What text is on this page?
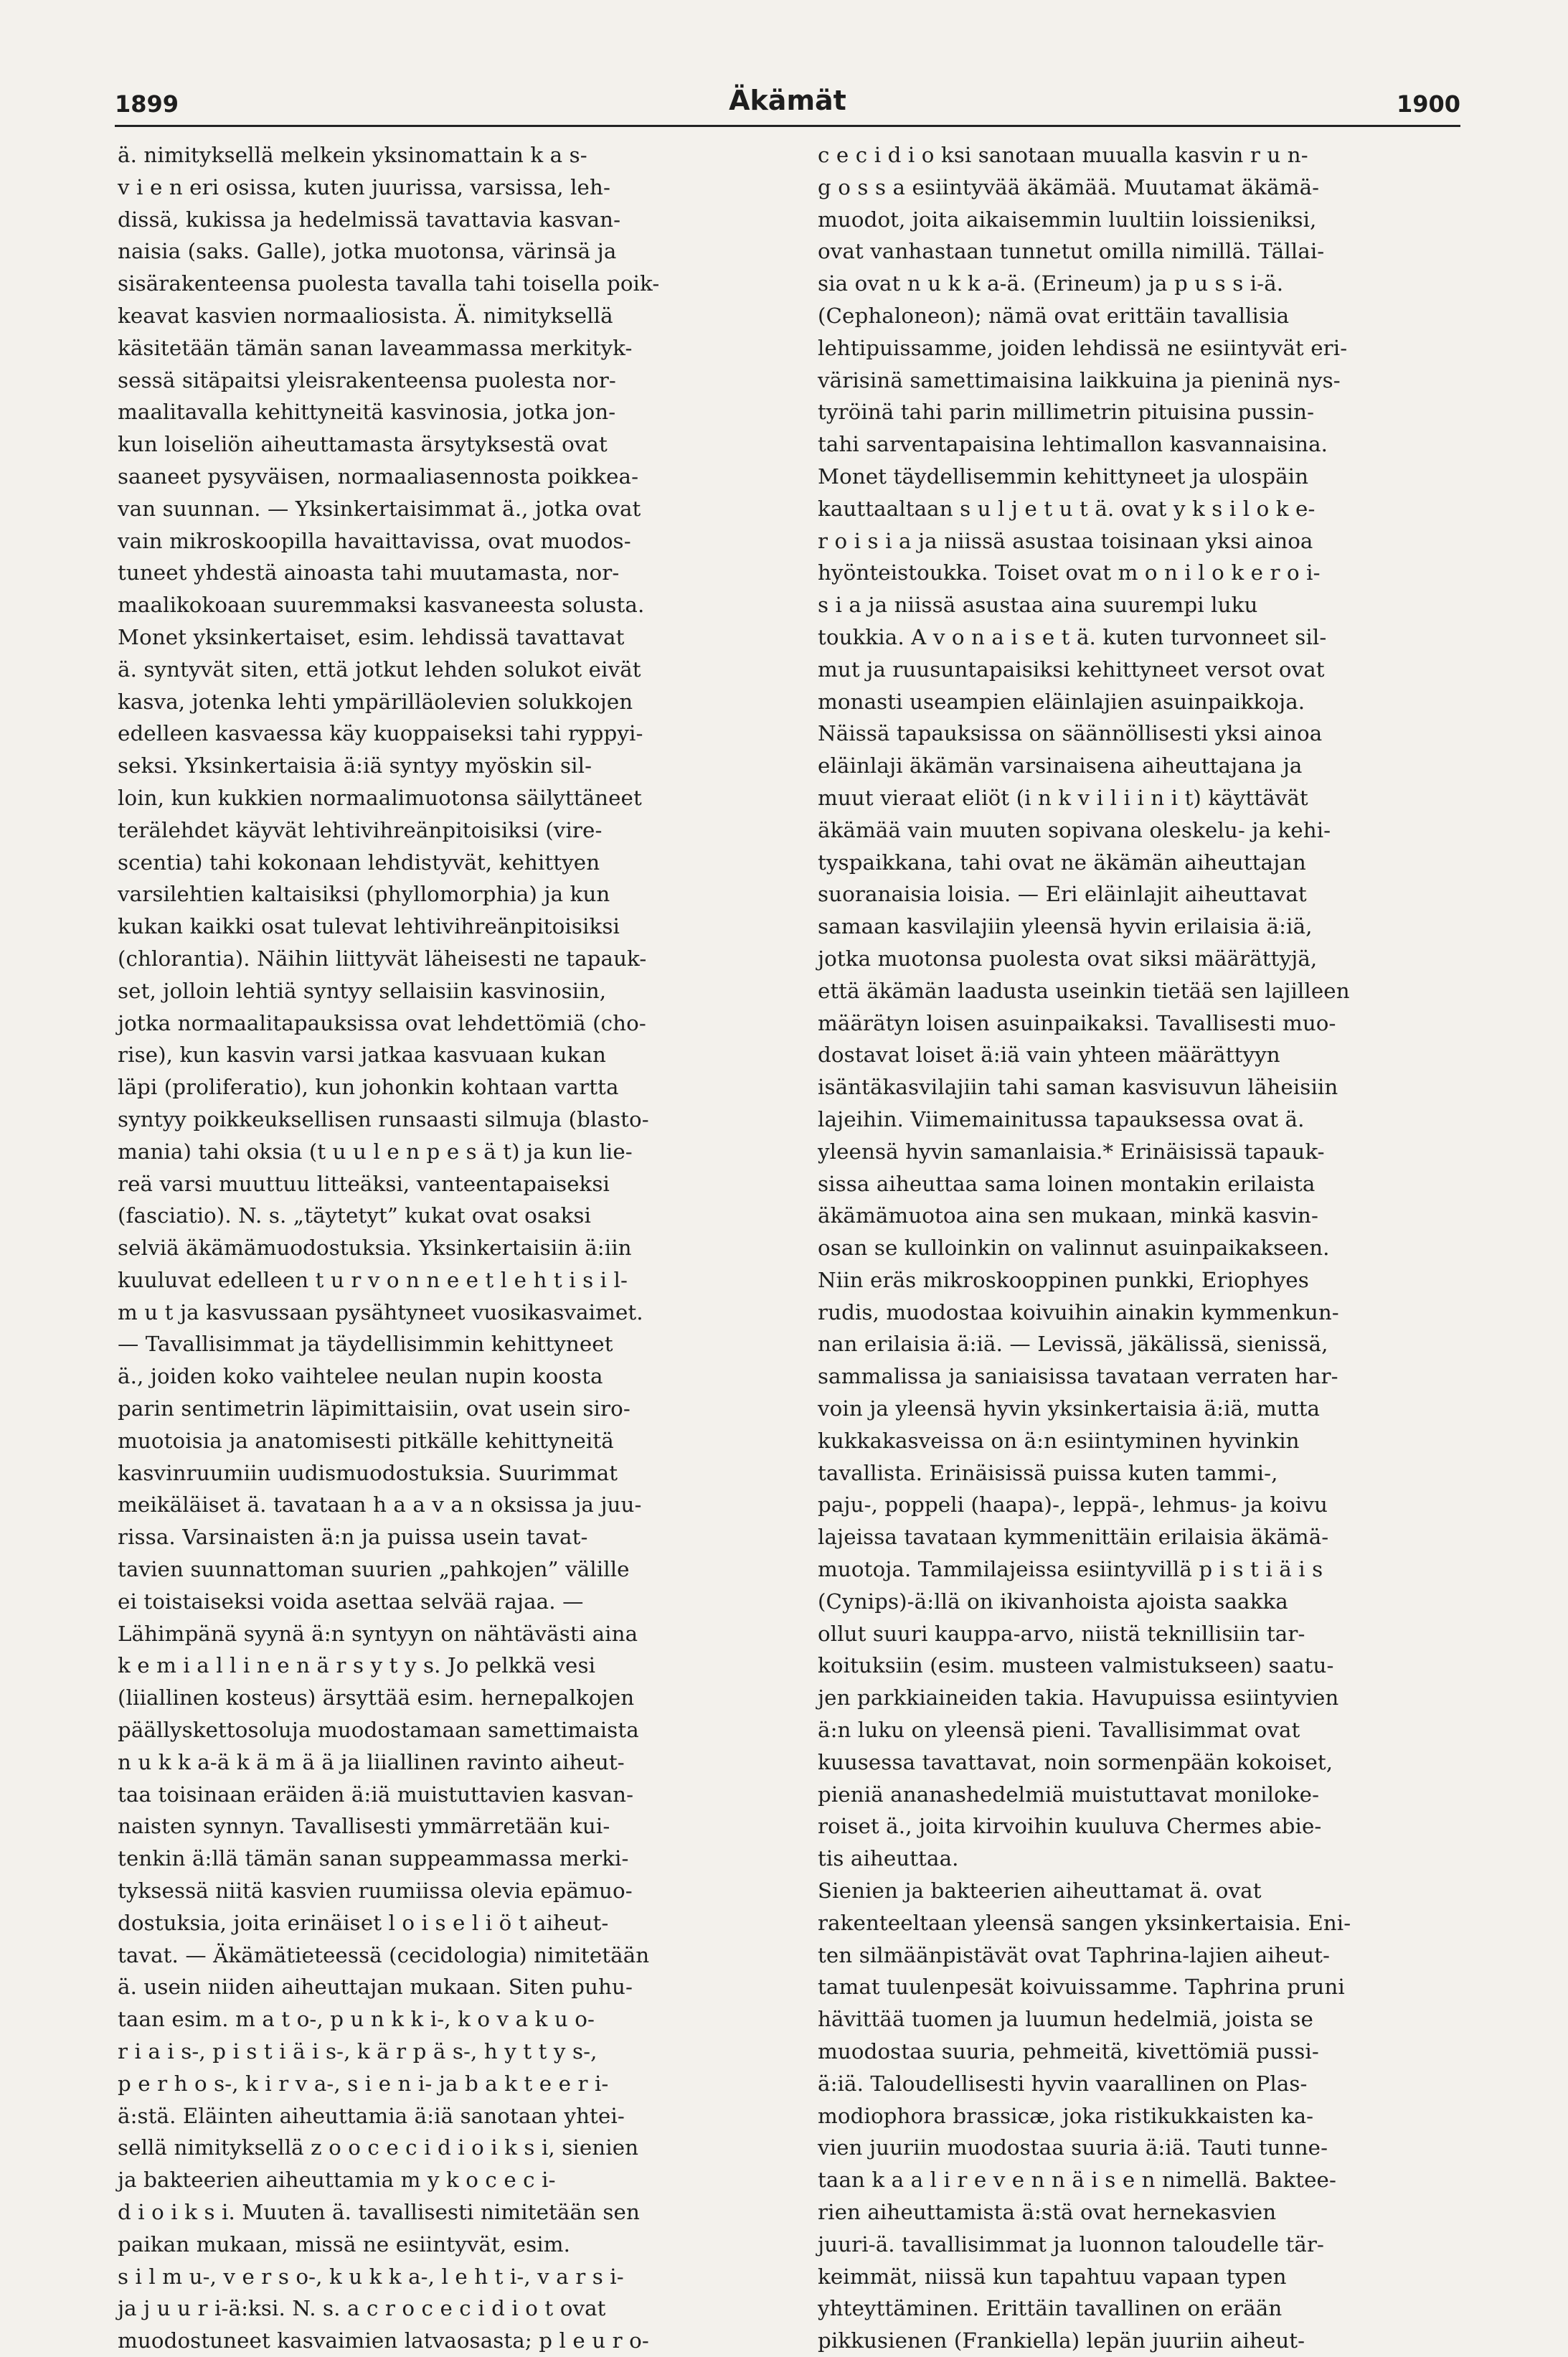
1899	Äkämät	1900
ä. nimityksellä melkein yksinomattain k a s-
v i e n eri osissa, kuten juurissa, varsissa, leh-
dissä, kukissa ja hedelmissä tavattavia kasvan-
naisia (saks. Galle), jotka muotonsa, värinsä ja
sisärakenteensa puolesta tavalla tahi toisella poik-
keavat kasvien normaaliosista. Ä. nimityksellä
käsitetään tämän sanan laveammassa merkityk-
sessä sitäpaitsi yleisrakenteensa puolesta nor-
maalitavalla kehittyneitä kasvinosia, jotka jon-
kun loiseliön aiheuttamasta ärsytyksestä ovat
saaneet pysyväisen, normaaliasennosta poikkea-
van suunnan. — Yksinkertaisimmat ä., jotka ovat
vain mikroskoopilla havaittavissa, ovat muodos-
tuneet yhdestä ainoasta tahi muutamasta, nor-
maalikokoaan suuremmaksi kasvaneesta solusta.
Monet yksinkertaiset, esim. lehdissä tavattavat
ä. syntyvät siten, että jotkut lehden solukot eivät
kasva, jotenka lehti ympärilläolevien solukkojen
edelleen kasvaessa käy kuoppaiseksi tahi ryppyi-
seksi. Yksinkertaisia ä:iä syntyy myöskin sil-
loin, kun kukkien normaalimuotonsa säilyttäneet
terälehdet käyvät lehtivihreänpitoisiksi (vire-
scentia) tahi kokonaan lehdistyvät, kehittyen
varsilehtien kaltaisiksi (phyllomorphia) ja kun
kukan kaikki osat tulevat lehtivihreänpitoisiksi
(chlorantia). Näihin liittyvät läheisesti ne tapauk-
set, jolloin lehtiä syntyy sellaisiin kasvinosiin,
jotka normaalitapauksissa ovat lehdettömiä (cho-
rise), kun kasvin varsi jatkaa kasvuaan kukan
läpi (proliferatio), kun johonkin kohtaan vartta
syntyy poikkeuksellisen runsaasti silmuja (blasto-
mania) tahi oksia (t u u l e n p e s ä t) ja kun lie-
reä varsi muuttuu litteäksi, vanteentapaiseksi
(fasciatio). N. s. „täytetyt” kukat ovat osaksi
selviä äkämämuodostuksia. Yksinkertaisiin ä:iin
kuuluvat edelleen t u r v o n n e e t l e h t i s i l-
m u t ja kasvussaan pysähtyneet vuosikasvaimet.
— Tavallisimmat ja täydellisimmin kehittyneet
ä., joiden koko vaihtelee neulan nupin koosta
parin sentimetrin läpimittaisiin, ovat usein siro-
muotoisia ja anatomisesti pitkälle kehittyneitä
kasvinruumiin uudismuodostuksia. Suurimmat
meikäläiset ä. tavataan h a a v a n oksissa ja juu-
rissa. Varsinaisten ä:n ja puissa usein tavat-
tavien suunnattoman suurien „pahkojen” välille
ei toistaiseksi voida asettaa selvää rajaa. —
Lähimpänä syynä ä:n syntyyn on nähtävästi aina
k e m i a l l i n e n ä r s y t y s. Jo pelkkä vesi
(liiallinen kosteus) ärsyttää esim. hernepalkojen
päällyskettosoluja muodostamaan samettimaista
n u k k a-ä k ä m ä ä ja liiallinen ravinto aiheut-
taa toisinaan eräiden ä:iä muistuttavien kasvan-
naisten synnyn. Tavallisesti ymmärretään kui-
tenkin ä:llä tämän sanan suppeammassa merki-
tyksessä niitä kasvien ruumiissa olevia epämuo-
dostuksia, joita erinäiset l o i s e l i ö t aiheut-
tavat. — Äkämätieteessä (cecidologia) nimitetään
ä. usein niiden aiheuttajan mukaan. Siten puhu-
taan esim. m a t o-, p u n k k i-, k o v a k u o-
r i a i s-, p i s t i ä i s-, k ä r p ä s-, h y t t y s-,
p e r h o s-, k i r v a-, s i e n i- ja b a k t e e r i-
ä:stä. Eläinten aiheuttamia ä:iä sanotaan yhtei-
sellä nimityksellä z o o c e c i d i o i k s i, sienien
ja bakteerien aiheuttamia m y k o c e c i-
d i o i k s i. Muuten ä. tavallisesti nimitetään sen
paikan mukaan, missä ne esiintyvät, esim.
s i l m u-, v e r s o-, k u k k a-, l e h t i-, v a r s i-
ja j u u r i-ä:ksi. N. s. a c r o c e c i d i o t ovat
muodostuneet kasvaimien latvaosasta; p l e u r o-
c e c i d i o ksi sanotaan muualla kasvin r u n-
g o s s a esiintyvää äkämää. Muutamat äkämä-
muodot, joita aikaisemmin luultiin loissieniksi,
ovat vanhastaan tunnetut omilla nimillä. Tällai-
sia ovat n u k k a-ä. (Erineum) ja p u s s i-ä.
(Cephaloneon); nämä ovat erittäin tavallisia
lehtipuissamme, joiden lehdissä ne esiintyvät eri-
värisinä samettimaisina laikkuina ja pieninä nys-
tyröinä tahi parin millimetrin pituisina pussin-
tahi sarventapaisina lehtimallon kasvannaisina.
Monet täydellisemmin kehittyneet ja ulospäin
kauttaaltaan s u l j e t u t ä. ovat y k s i l o k e-
r o i s i a ja niissä asustaa toisinaan yksi ainoa
hyönteistoukka. Toiset ovat m o n i l o k e r o i-
s i a ja niissä asustaa aina suurempi luku
toukkia. A v o n a i s e t ä. kuten turvonneet sil-
mut ja ruusuntapaisiksi kehittyneet versot ovat
monasti useampien eläinlajien asuinpaikkoja.
Näissä tapauksissa on säännöllisesti yksi ainoa
eläinlaji äkämän varsinaisena aiheuttajana ja
muut vieraat eliöt (i n k v i l i i n i t) käyttävät
äkämää vain muuten sopivana oleskelu- ja kehi-
tyspaikkana, tahi ovat ne äkämän aiheuttajan
suoranaisia loisia. — Eri eläinlajit aiheuttavat
samaan kasvilajiin yleensä hyvin erilaisia ä:iä,
jotka muotonsa puolesta ovat siksi määrättyjä,
että äkämän laadusta useinkin tietää sen lajilleen
määrätyn loisen asuinpaikaksi. Tavallisesti muo-
dostavat loiset ä:iä vain yhteen määrättyyn
isäntäkasvilajiin tahi saman kasvisuvun läheisiin
lajeihin. Viimemainitussa tapauksessa ovat ä.
yleensä hyvin samanlaisia.* Erinäisissä tapauk-
sissa aiheuttaa sama loinen montakin erilaista
äkämämuotoa aina sen mukaan, minkä kasvin-
osan se kulloinkin on valinnut asuinpaikakseen.
Niin eräs mikroskooppinen punkki, Eriophyes
rudis, muodostaa koivuihin ainakin kymmenkun-
nan erilaisia ä:iä. — Levissä, jäkälissä, sienissä,
sammalissa ja saniaisissa tavataan verraten har-
voin ja yleensä hyvin yksinkertaisia ä:iä, mutta
kukkakasveissa on ä:n esiintyminen hyvinkin
tavallista. Erinäisissä puissa kuten tammi-,
paju-, poppeli (haapa)-, leppä-, lehmus- ja koivu
lajeissa tavataan kymmenittäin erilaisia äkämä-
muotoja. Tammilajeissa esiintyvillä p i s t i ä i s
(Cynips)-ä:llä on ikivanhoista ajoista saakka
ollut suuri kauppa-arvo, niistä teknillisiin tar-
koituksiin (esim. musteen valmistukseen) saatu-
jen parkkiaineiden takia. Havupuissa esiintyvien
ä:n luku on yleensä pieni. Tavallisimmat ovat
kuusessa tavattavat, noin sormenpään kokoiset,
pieniä ananashedelmiä muistuttavat moniloke-
roiset ä., joita kirvoihin kuuluva Chermes abie-
tis aiheuttaa.
Sienien ja bakteerien aiheuttamat ä. ovat
rakenteeltaan yleensä sangen yksinkertaisia. Eni-
ten silmäänpistävät ovat Taphrina-lajien aiheut-
tamat tuulenpesät koivuissamme. Taphrina pruni
hävittää tuomen ja luumun hedelmiä, joista se
muodostaa suuria, pehmeitä, kivettömiä pussi-
ä:iä. Taloudellisesti hyvin vaarallinen on Plas-
modiophora brassicæ, joka ristikukkaisten ka-
vien juuriin muodostaa suuria ä:iä. Tauti tunne-
taan k a a l i r e v e n n ä i s e n nimellä. Baktee-
rien aiheuttamista ä:stä ovat hernekasvien
juuri-ä. tavallisimmat ja luonnon taloudelle tär-
keimmät, niissä kun tapahtuu vapaan typen
yhteyttäminen. Erittäin tavallinen on erään
pikkusienen (Frankiella) lepän juuriin aiheut-
